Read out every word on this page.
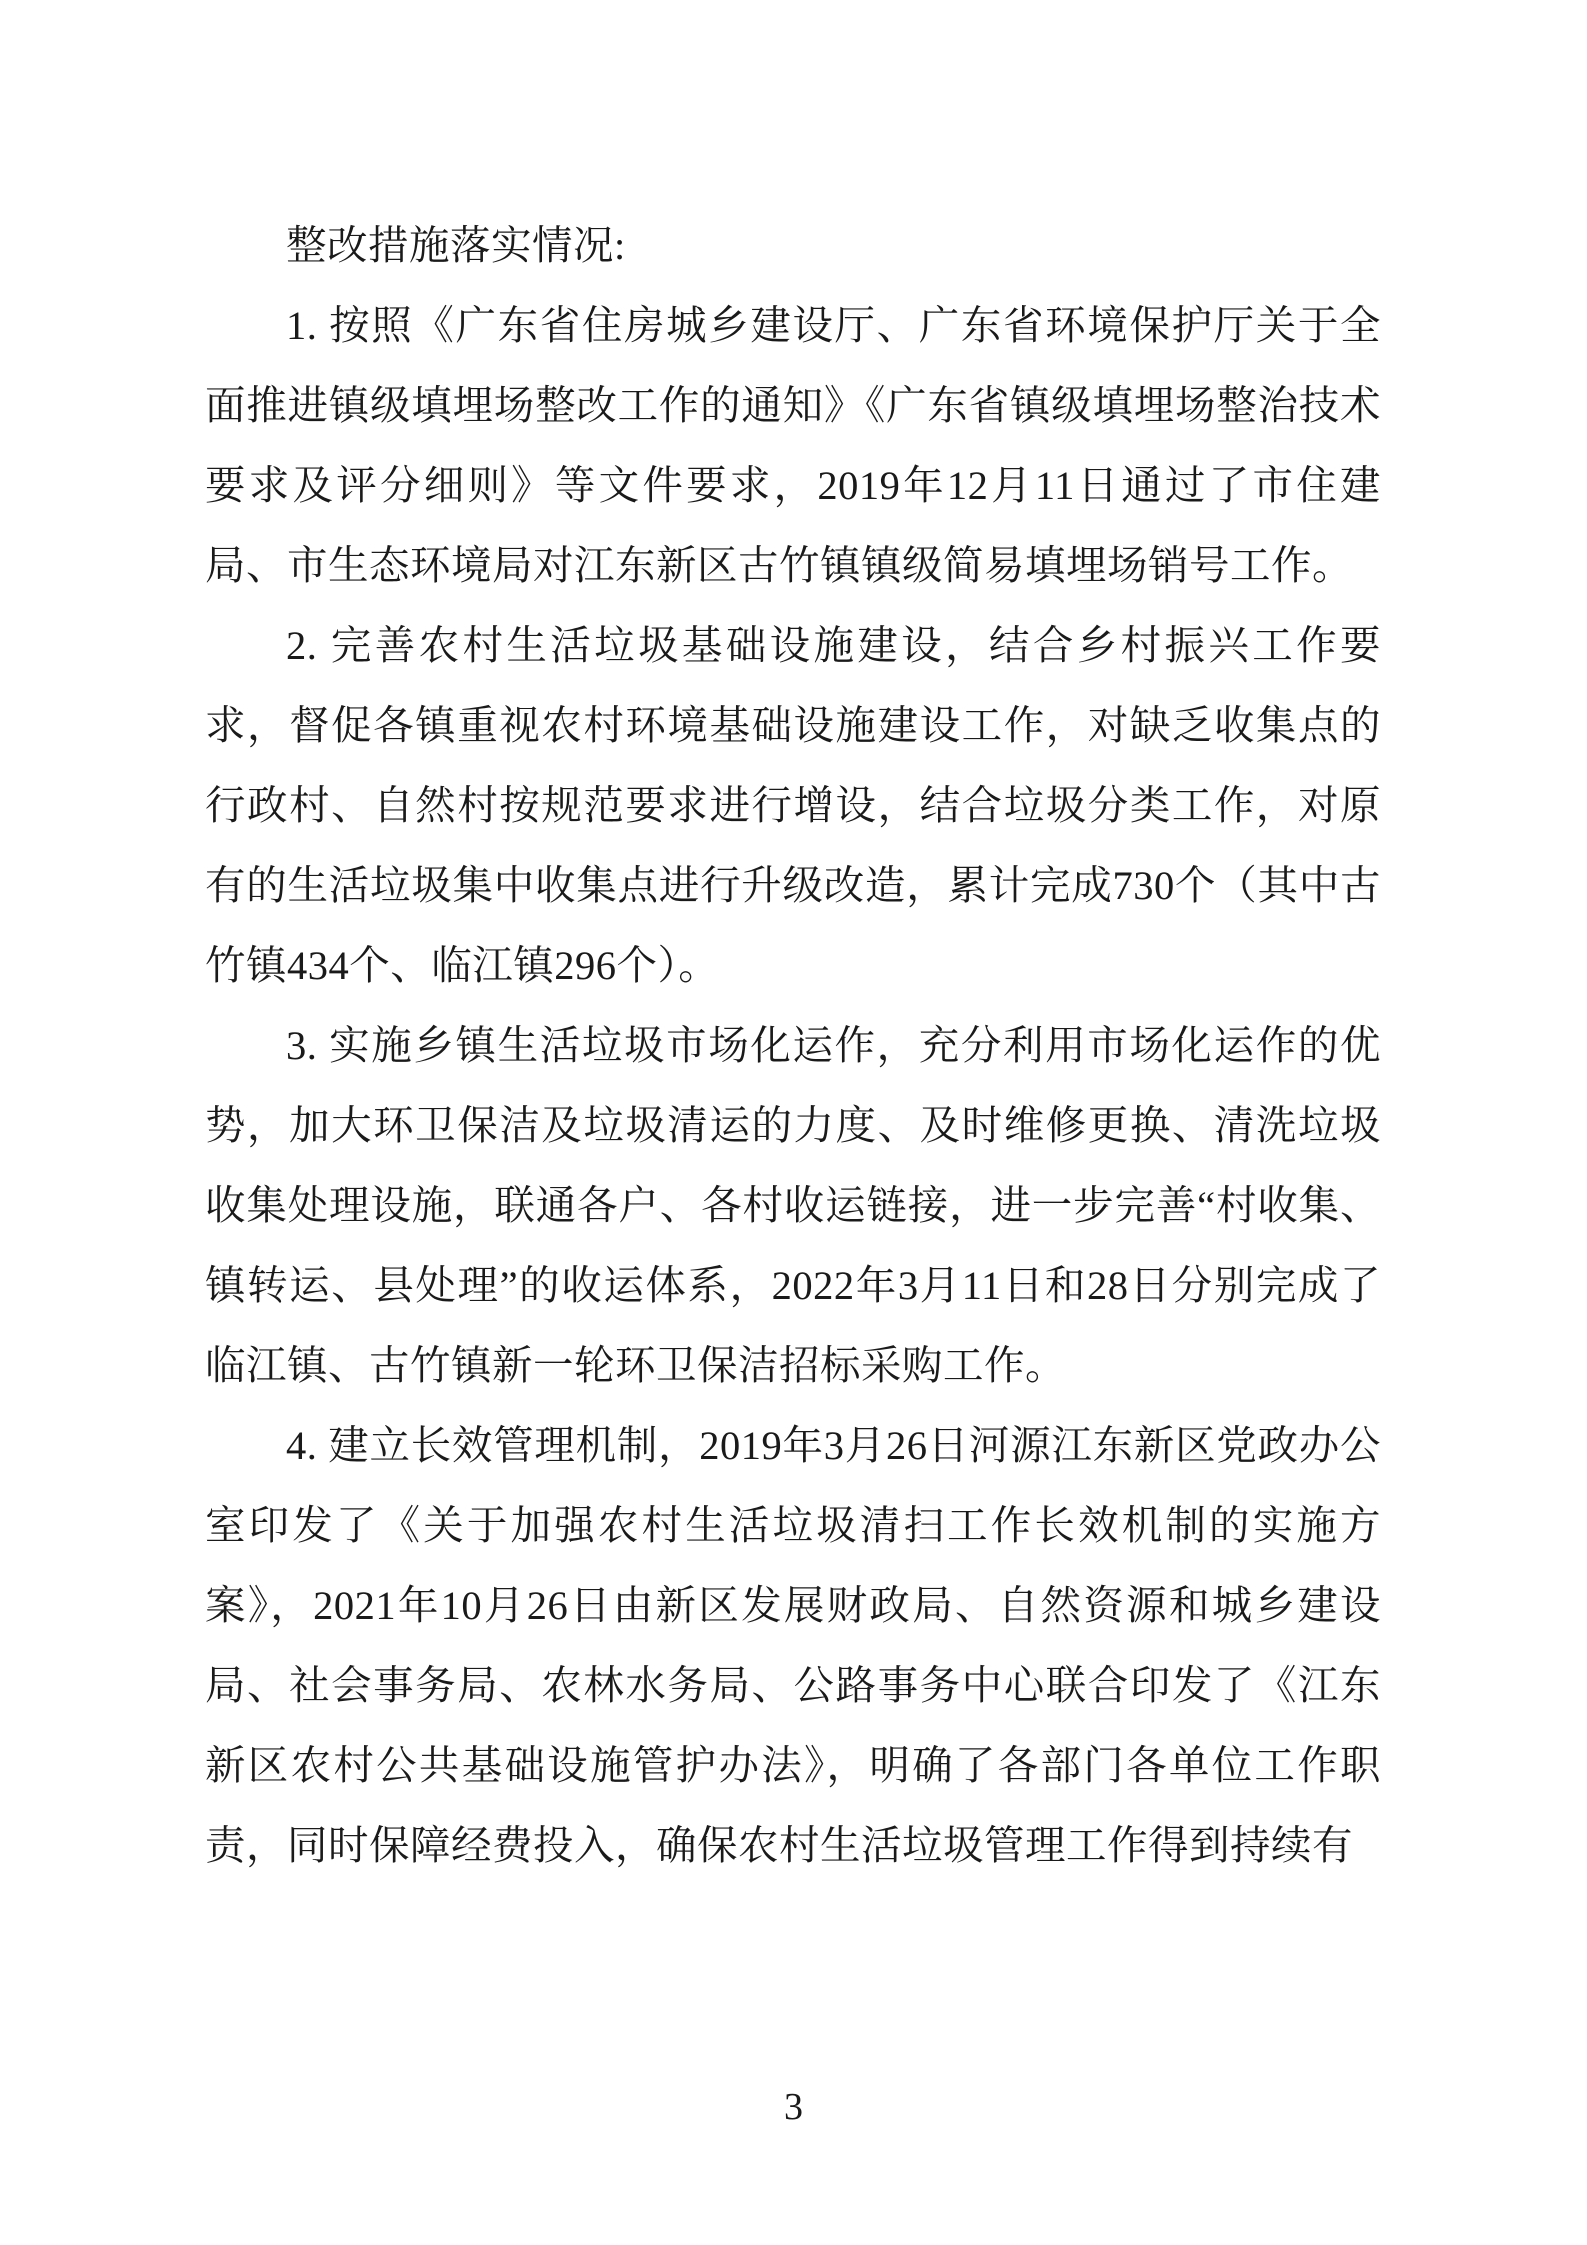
整改措施落实情况:

1. 按照《广东省住房城乡建设厅、广东省环境保护厅关于全面推进镇级填埋场整改工作的通知》《广东省镇级填埋场整治技术要求及评分细则》等文件要求，2019年12月11日通过了市住建局、市生态环境局对江东新区古竹镇镇级简易填埋场销号工作。

2. 完善农村生活垃圾基础设施建设，结合乡村振兴工作要求，督促各镇重视农村环境基础设施建设工作，对缺乏收集点的行政村、自然村按规范要求进行增设，结合垃圾分类工作，对原有的生活垃圾集中收集点进行升级改造，累计完成730个（其中古竹镇434个、临江镇296个）。

3. 实施乡镇生活垃圾市场化运作，充分利用市场化运作的优势，加大环卫保洁及垃圾清运的力度、及时维修更换、清洗垃圾收集处理设施，联通各户、各村收运链接，进一步完善“村收集、镇转运、县处理”的收运体系，2022年3月11日和28日分别完成了临江镇、古竹镇新一轮环卫保洁招标采购工作。

4. 建立长效管理机制，2019年3月26日河源江东新区党政办公室印发了《关于加强农村生活垃圾清扫工作长效机制的实施方案》，2021年10月26日由新区发展财政局、自然资源和城乡建设局、社会事务局、农林水务局、公路事务中心联合印发了《江东新区农村公共基础设施管护办法》，明确了各部门各单位工作职责，同时保障经费投入，确保农村生活垃圾管理工作得到持续有

3
